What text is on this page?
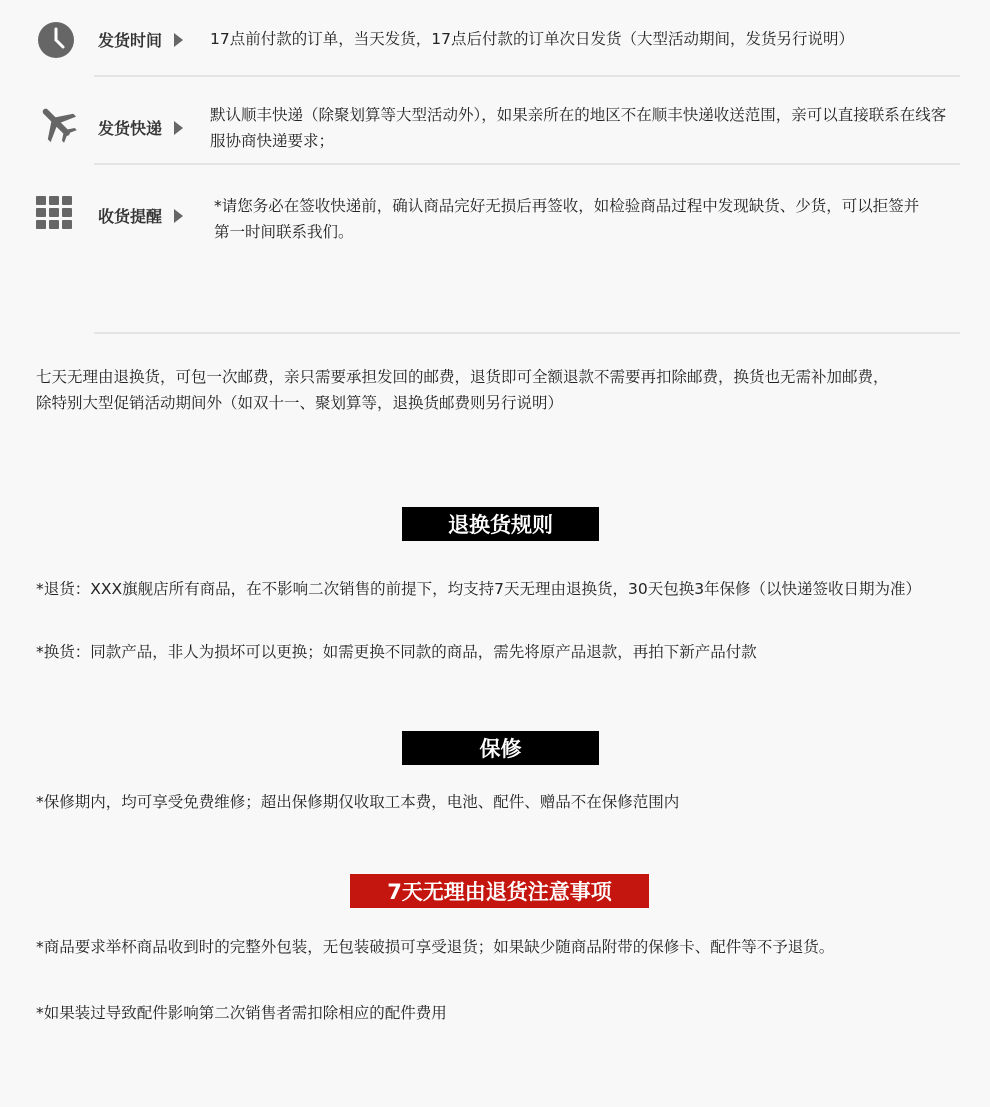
发货时间	17点前付款的订单，当天发货，17点后付款的订单次日发货（大型活动期间，发货另行说明）
发货快递
默认顺丰快递（除聚划算等大型活动外），如果亲所在的地区不在顺丰快递收送范围，亲可以直接联系在线客服协商快递要求；
收货提醒
*请您务必在签收快递前，确认商品完好无损后再签收，如检验商品过程中发现缺货、少货，可以拒签并第一时间联系我们。
七天无理由退换货，可包一次邮费，亲只需要承担发回的邮费，退货即可全额退款不需要再扣除邮费，换货也无需补加邮费，
除特别大型促销活动期间外（如双十一、聚划算等，退换货邮费则另行说明）
退换货规则
*退货：XXX旗舰店所有商品，在不影响二次销售的前提下，均支持7天无理由退换货，30天包换3年保修（以快递签收日期为准）
*换货：同款产品，非人为损坏可以更换；如需更换不同款的商品，需先将原产品退款，再拍下新产品付款
保修
*保修期内，均可享受免费维修；超出保修期仅收取工本费，电池、配件、赠品不在保修范围内
7天无理由退货注意事项
*商品要求举杯商品收到时的完整外包装，无包装破损可享受退货；如果缺少随商品附带的保修卡、配件等不予退货。
*如果装过导致配件影响第二次销售者需扣除相应的配件费用
